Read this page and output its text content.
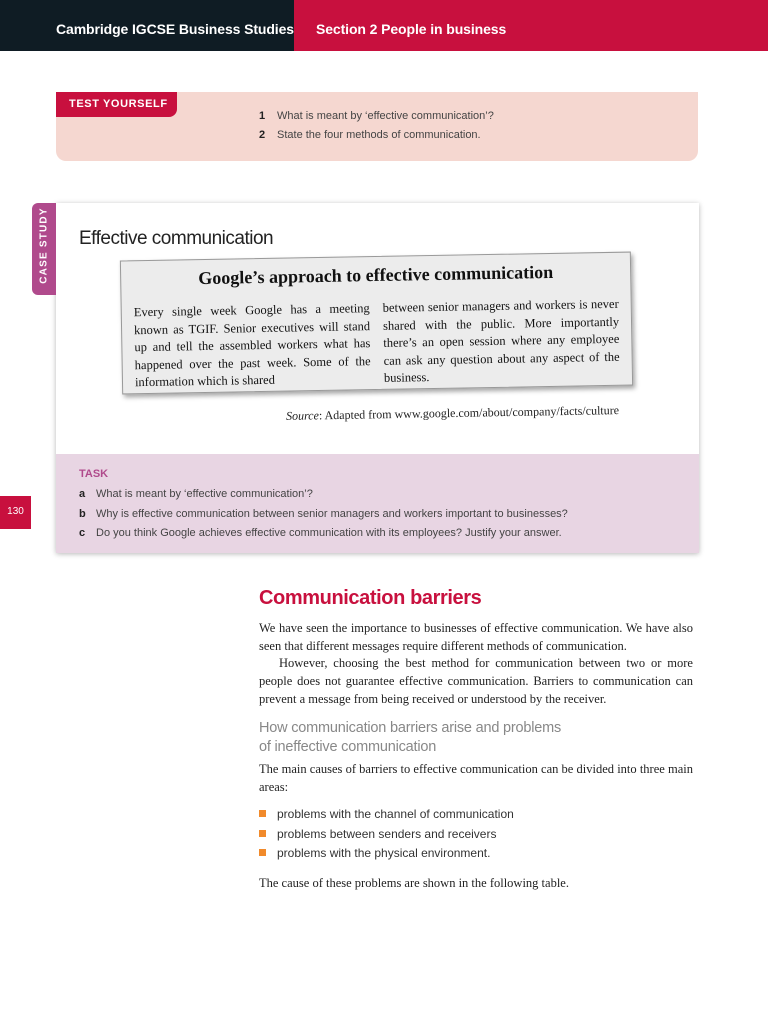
Cambridge IGCSE Business Studies Section 2 People in business
TEST YOURSELF
1 What is meant by ‘effective communication’?
2 State the four methods of communication.
CASE STUDY Effective communication
Google’s approach to effective communication
Every single week Google has a meeting known as TGIF. Senior executives will stand up and tell the assembled workers what has happened over the past week. Some of the information which is shared
between senior managers and workers is never shared with the public. More importantly there’s an open session where any employee can ask any question about any aspect of the business.
Source: Adapted from www.google.com/about/company/facts/culture
TASK
a What is meant by ‘effective communication’?
b Why is effective communication between senior managers and workers important to businesses?
c Do you think Google achieves effective communication with its employees? Justify your answer.
130
Communication barriers
We have seen the importance to businesses of effective communication. We have also seen that different messages require different methods of communication.
However, choosing the best method for communication between two or more people does not guarantee effective communication. Barriers to communication can prevent a message from being received or understood by the receiver.
How communication barriers arise and problems
of ineffective communication
The main causes of barriers to effective communication can be divided into three main areas:
problems with the channel of communication
problems between senders and receivers
problems with the physical environment.
The cause of these problems are shown in the following table.
